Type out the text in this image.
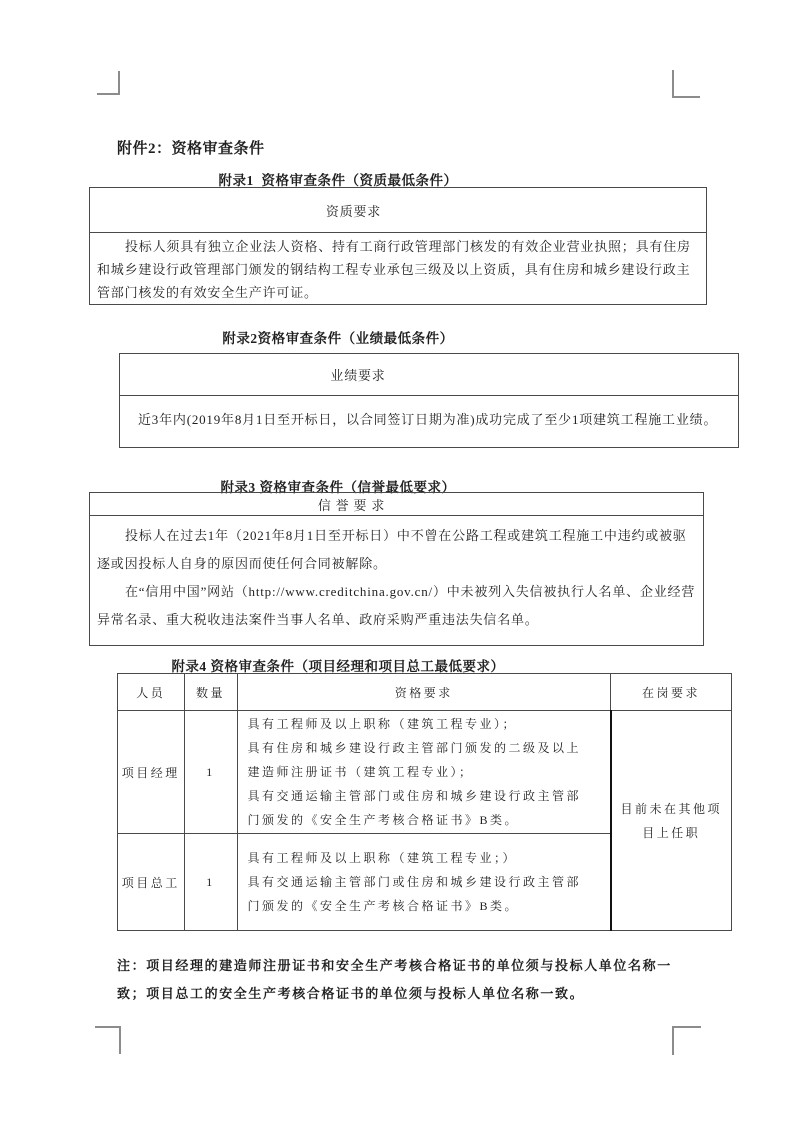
附件2：资格审查条件
附录1  资格审查条件（资质最低条件）
资质要求

投标人须具有独立企业法人资格、持有工商行政管理部门核发的有效企业营业执照；具有住房和城乡建设行政管理部门颁发的钢结构工程专业承包三级及以上资质，具有住房和城乡建设行政主管部门核发的有效安全生产许可证。

附录2资格审查条件（业绩最低条件）
业绩要求

近3年内(2019年8月1日至开标日，以合同签订日期为准)成功完成了至少1项建筑工程施工业绩。

附录3 资格审查条件（信誉最低要求）
信 誉 要 求

投标人在过去1年（2021年8月1日至开标日）中不曾在公路工程或建筑工程施工中违约或被驱逐或因投标人自身的原因而使任何合同被解除。

在“信用中国”网站（http://www.creditchina.gov.cn/）中未被列入失信被执行人名单、企业经营异常名录、重大税收违法案件当事人名单、政府采购严重违法失信名单。

附录4 资格审查条件（项目经理和项目总工最低要求）
人员	数量	资格要求	在岗要求
项目经理	1	具有工程师及以上职称（建筑工程专业）；
具有住房和城乡建设行政主管部门颁发的二级及以上建造师注册证书（建筑工程专业）；
具有交通运输主管部门或住房和城乡建设行政主管部门颁发的《安全生产考核合格证书》B类。	目前未在其他项目上任职
项目总工	1	具有工程师及以上职称（建筑工程专业；）
具有交通运输主管部门或住房和城乡建设行政主管部门颁发的《安全生产考核合格证书》B类。	
注：项目经理的建造师注册证书和安全生产考核合格证书的单位须与投标人单位名称一致；项目总工的安全生产考核合格证书的单位须与投标人单位名称一致。
